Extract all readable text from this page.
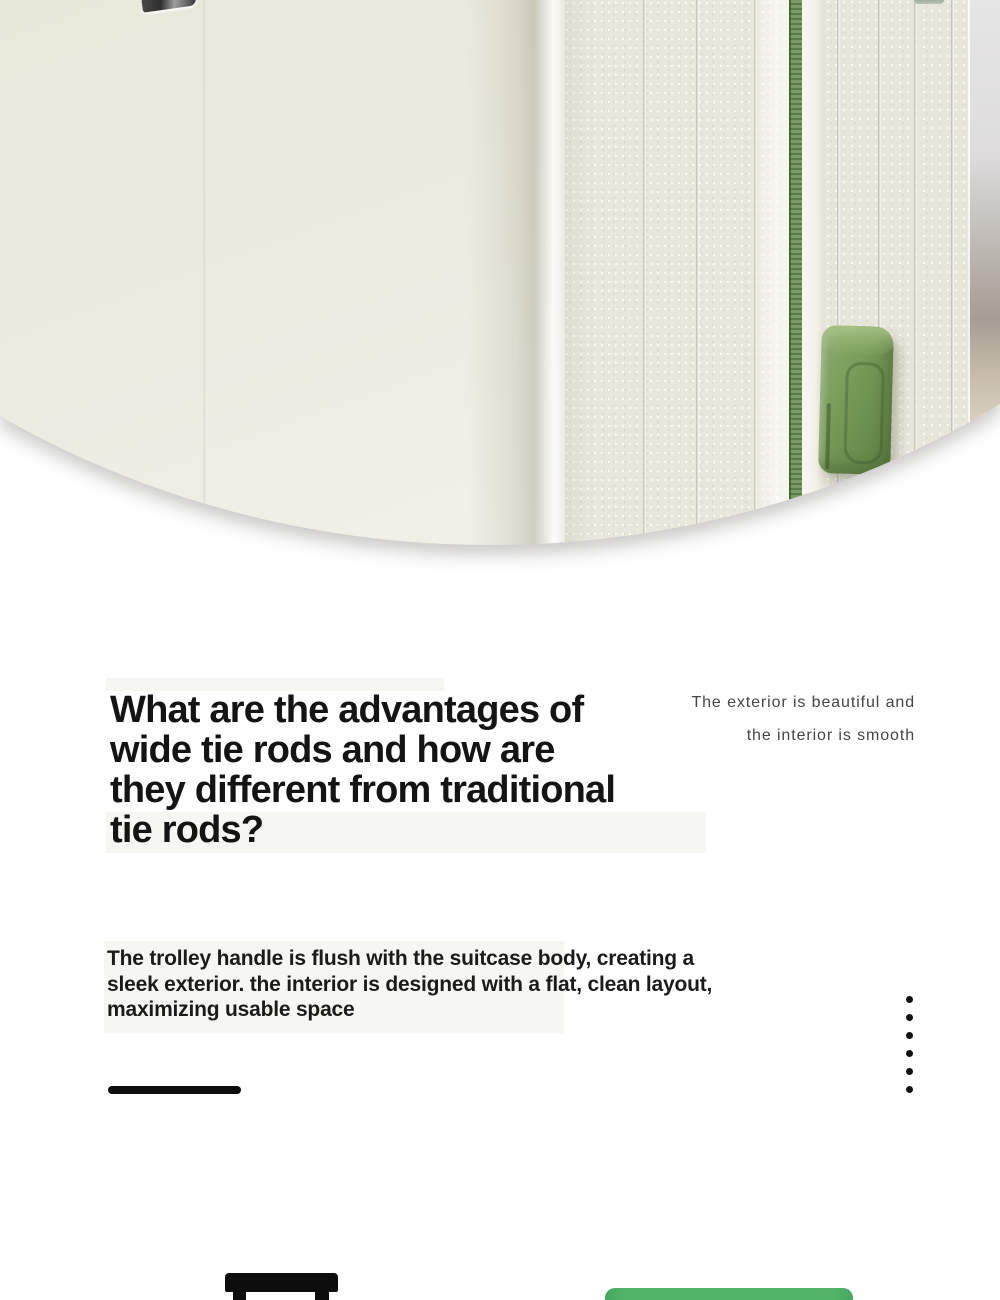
What are the advantages of
wide tie rods and how are
they different from traditional
tie rods?
The exterior is beautiful and
the interior is smooth

The trolley handle is flush with the suitcase body, creating a
sleek exterior. the interior is designed with a flat, clean layout,
maximizing usable space
